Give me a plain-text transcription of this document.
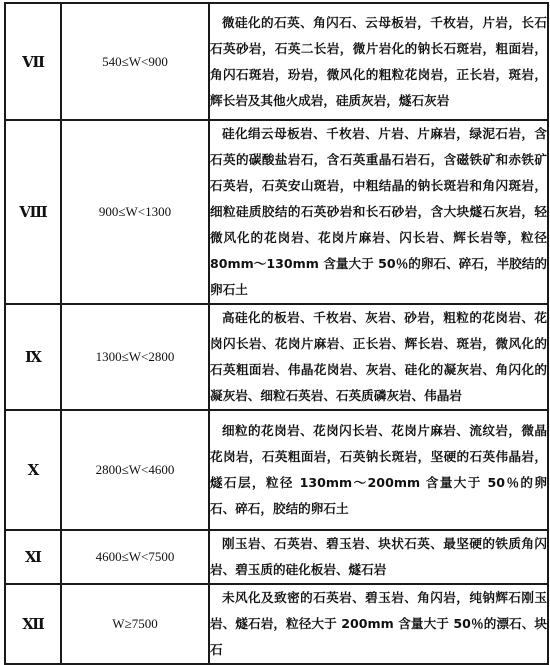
Ⅶ	540≤W<900	微硅化的石英、角闪石、云母板岩，千枚岩，片岩，长石石英砂岩，石英二长岩，微片岩化的钠长石斑岩，粗面岩，角闪石斑岩，玢岩，微风化的粗粒花岗岩，正长岩，斑岩，辉长岩及其他火成岩，硅质灰岩，燧石灰岩

Ⅷ	900≤W<1300	硅化绢云母板岩、千枚岩、片岩、片麻岩，绿泥石岩，含石英的碳酸盐岩石，含石英重晶石岩石，含磁铁矿和赤铁矿石英岩，石英安山斑岩，中粗结晶的钠长斑岩和角闪斑岩，细粒硅质胶结的石英砂岩和长石砂岩，含大块燧石灰岩，轻微风化的花岗岩、花岗片麻岩、闪长岩、辉长岩等，粒径 80mm～130mm 含量大于 50％的卵石、碎石，半胶结的卵石土

Ⅸ	1300≤W<2800	高硅化的板岩、千枚岩、灰岩、砂岩，粗粒的花岗岩、花岗闪长岩、花岗片麻岩、正长岩、辉长岩、斑岩，微风化的石英粗面岩、伟晶花岗岩、灰岩、硅化的凝灰岩、角闪化的凝灰岩、细粒石英岩、石英质磷灰岩、伟晶岩

Ⅹ	2800≤W<4600	细粒的花岗岩、花岗闪长岩、花岗片麻岩、流纹岩，微晶花岗岩，石英粗面岩，石英钠长斑岩，坚硬的石英伟晶岩，燧石层，粒径 130mm～200mm 含量大于 50％的卵石、碎石，胶结的卵石土

Ⅺ	4600≤W<7500	刚玉岩、石英岩、碧玉岩、块状石英、最坚硬的铁质角闪岩、碧玉质的硅化板岩、燧石岩

Ⅻ	W≥7500	未风化及致密的石英岩、碧玉岩、角闪岩，纯钠辉石刚玉岩、燧石岩，粒径大于 200mm 含量大于 50％的漂石、块石
